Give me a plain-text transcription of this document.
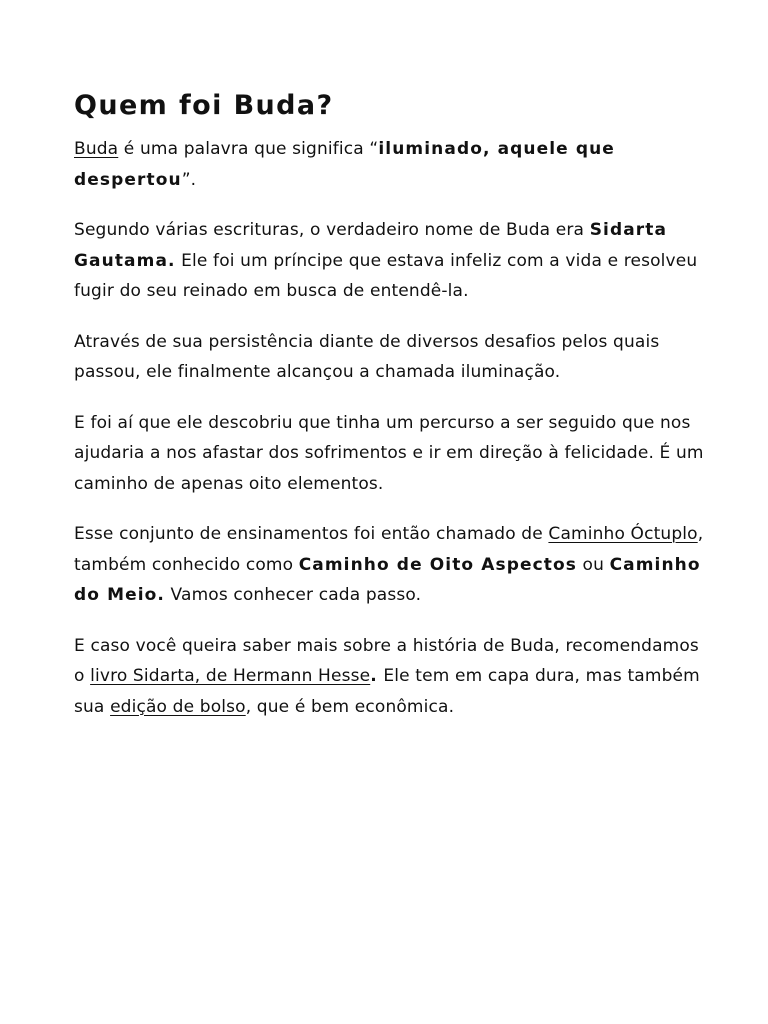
Quem foi Buda?

Buda é uma palavra que significa “iluminado, aquele que despertou”.

Segundo várias escrituras, o verdadeiro nome de Buda era Sidarta Gautama. Ele foi um príncipe que estava infeliz com a vida e resolveu fugir do seu reinado em busca de entendê-la.

Através de sua persistência diante de diversos desafios pelos quais passou, ele finalmente alcançou a chamada iluminação.

E foi aí que ele descobriu que tinha um percurso a ser seguido que nos ajudaria a nos afastar dos sofrimentos e ir em direção à felicidade. É um caminho de apenas oito elementos.

Esse conjunto de ensinamentos foi então chamado de Caminho Óctuplo, também conhecido como Caminho de Oito Aspectos ou Caminho do Meio. Vamos conhecer cada passo.

E caso você queira saber mais sobre a história de Buda, recomendamos o livro Sidarta, de Hermann Hesse. Ele tem em capa dura, mas também sua edição de bolso, que é bem econômica.
